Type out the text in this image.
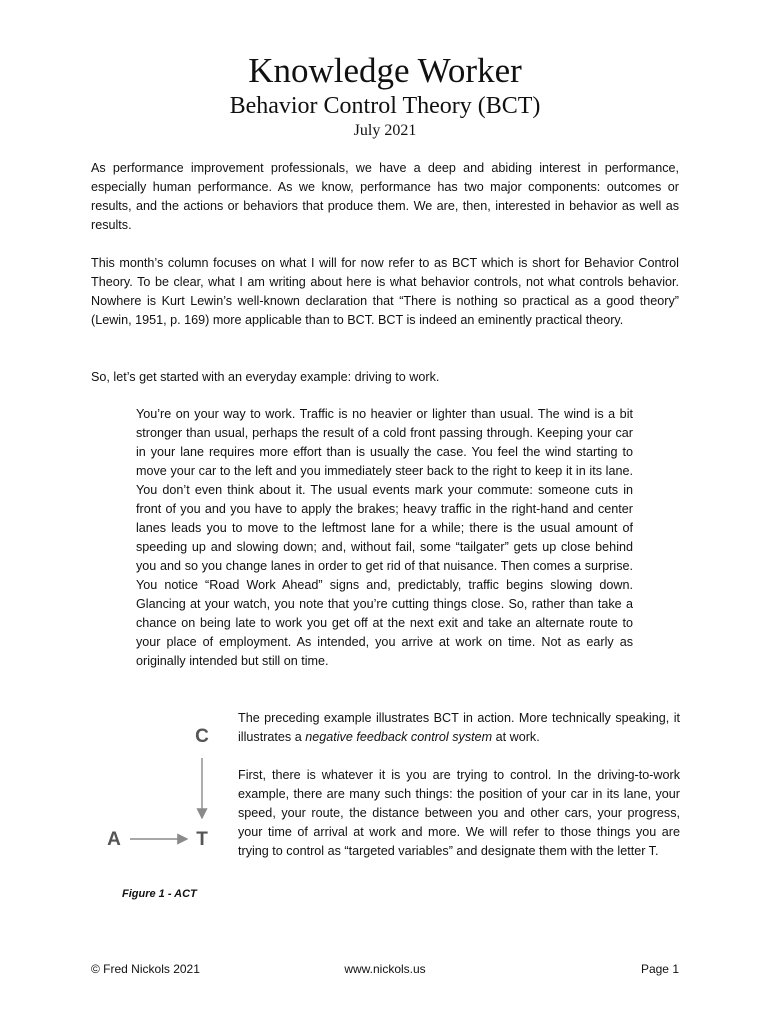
Knowledge Worker
Behavior Control Theory (BCT)
July 2021

As performance improvement professionals, we have a deep and abiding interest in performance, especially human performance. As we know, performance has two major components: outcomes or results, and the actions or behaviors that produce them. We are, then, interested in behavior as well as results.

This month’s column focuses on what I will for now refer to as BCT which is short for Behavior Control Theory. To be clear, what I am writing about here is what behavior controls, not what controls behavior. Nowhere is Kurt Lewin’s well-known declaration that “There is nothing so practical as a good theory” (Lewin, 1951, p. 169) more applicable than to BCT. BCT is indeed an eminently practical theory.

So, let’s get started with an everyday example: driving to work.

You’re on your way to work. Traffic is no heavier or lighter than usual. The wind is a bit stronger than usual, perhaps the result of a cold front passing through. Keeping your car in your lane requires more effort than is usually the case. You feel the wind starting to move your car to the left and you immediately steer back to the right to keep it in its lane. You don’t even think about it. The usual events mark your commute: someone cuts in front of you and you have to apply the brakes; heavy traffic in the right-hand and center lanes leads you to move to the leftmost lane for a while; there is the usual amount of speeding up and slowing down; and, without fail, some “tailgater” gets up close behind you and so you change lanes in order to get rid of that nuisance. Then comes a surprise. You notice “Road Work Ahead” signs and, predictably, traffic begins slowing down. Glancing at your watch, you note that you’re cutting things close. So, rather than take a chance on being late to work you get off at the next exit and take an alternate route to your place of employment. As intended, you arrive at work on time. Not as early as originally intended but still on time.

The preceding example illustrates BCT in action. More technically speaking, it illustrates a negative feedback control system at work.

First, there is whatever it is you are trying to control. In the driving-to-work example, there are many such things: the position of your car in its lane, your speed, your route, the distance between you and other cars, your progress, your time of arrival at work and more. We will refer to those things you are trying to control as “targeted variables” and designate them with the letter T.

C
A	T
Figure 1 - ACT
© Fred Nickols 2021	www.nickols.us	Page 1
